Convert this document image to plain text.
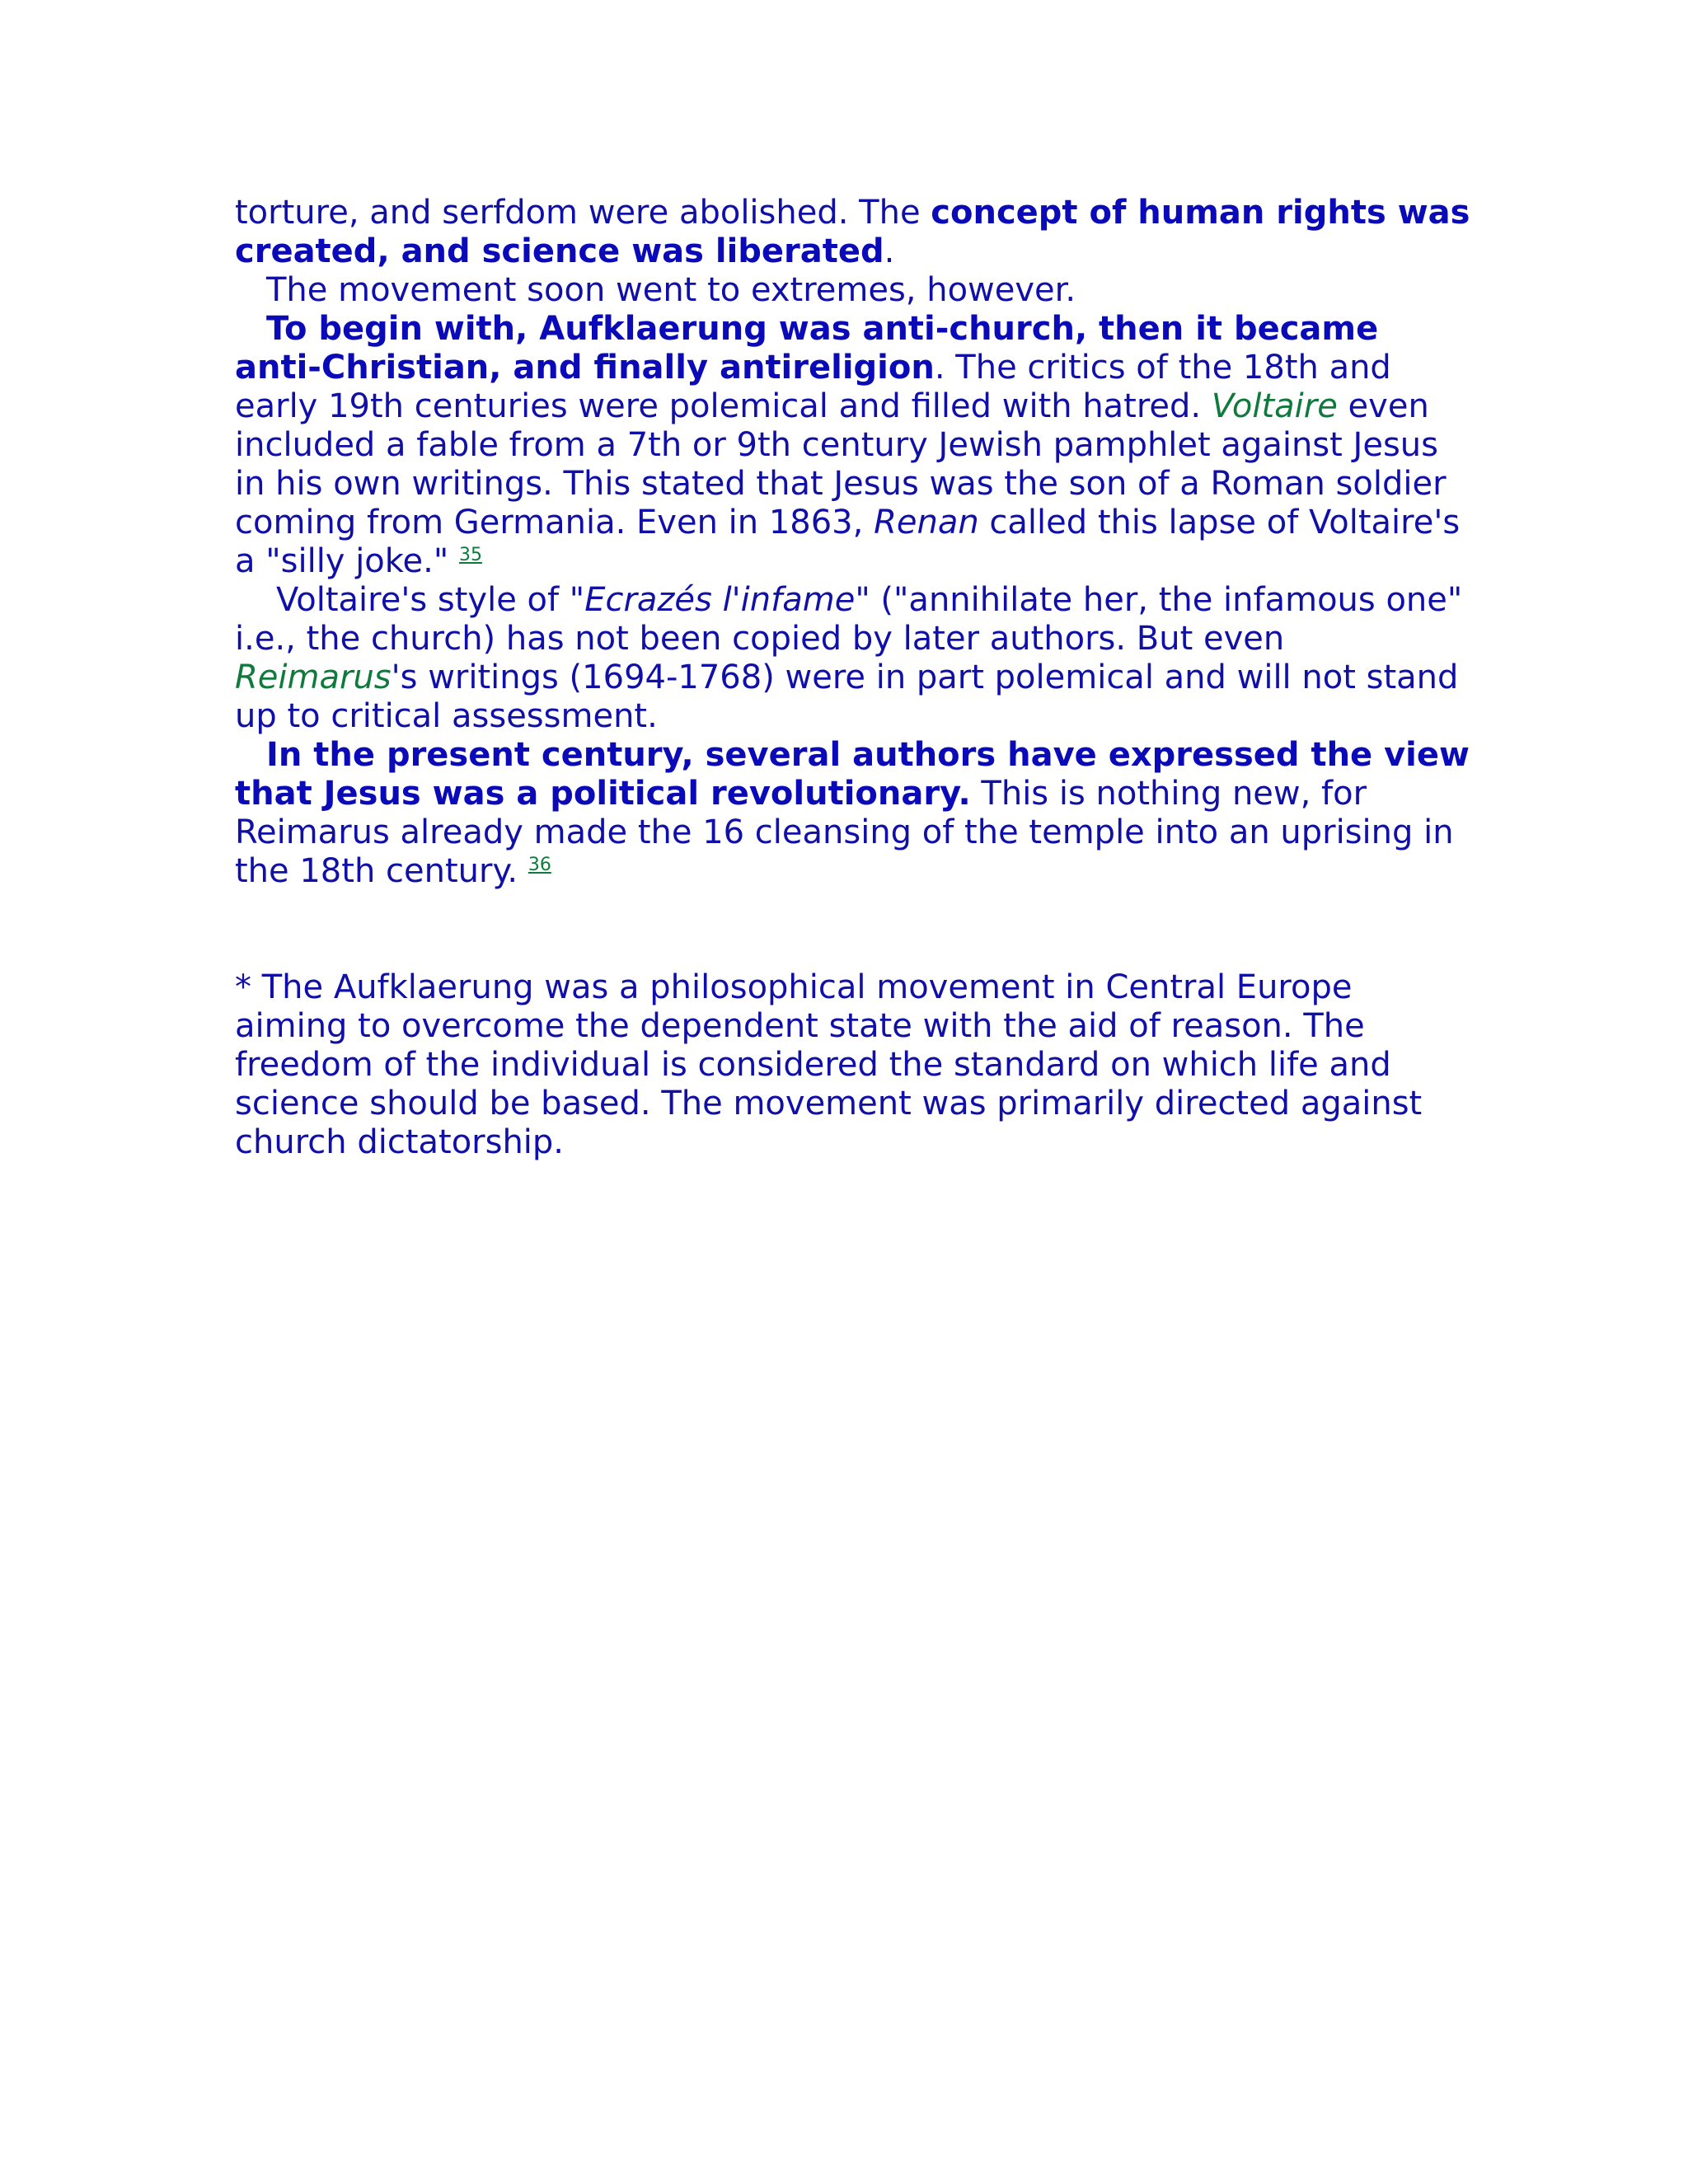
torture, and serfdom were abolished. The concept of human rights was created, and science was liberated.

The movement soon went to extremes, however.

To begin with, Aufklaerung was anti-church, then it became anti-Christian, and finally antireligion. The critics of the 18th and early 19th centuries were polemical and filled with hatred. Voltaire even included a fable from a 7th or 9th century Jewish pamphlet against Jesus in his own writings. This stated that Jesus was the son of a Roman soldier coming from Germania. Even in 1863, Renan called this lapse of Voltaire's a "silly joke." $^{35}$

Voltaire's style of "Ecrazés l'infame" ("annihilate her, the infamous one" i.e., the church) has not been copied by later authors. But even Reimarus's writings (1694-1768) were in part polemical and will not stand up to critical assessment.

In the present century, several authors have expressed the view that Jesus was a political revolutionary. This is nothing new, for Reimarus already made the 16 cleansing of the temple into an uprising in the 18th century. $^{36}$

* The Aufklaerung was a philosophical movement in Central Europe aiming to overcome the dependent state with the aid of reason. The freedom of the individual is considered the standard on which life and science should be based. The movement was primarily directed against church dictatorship.
